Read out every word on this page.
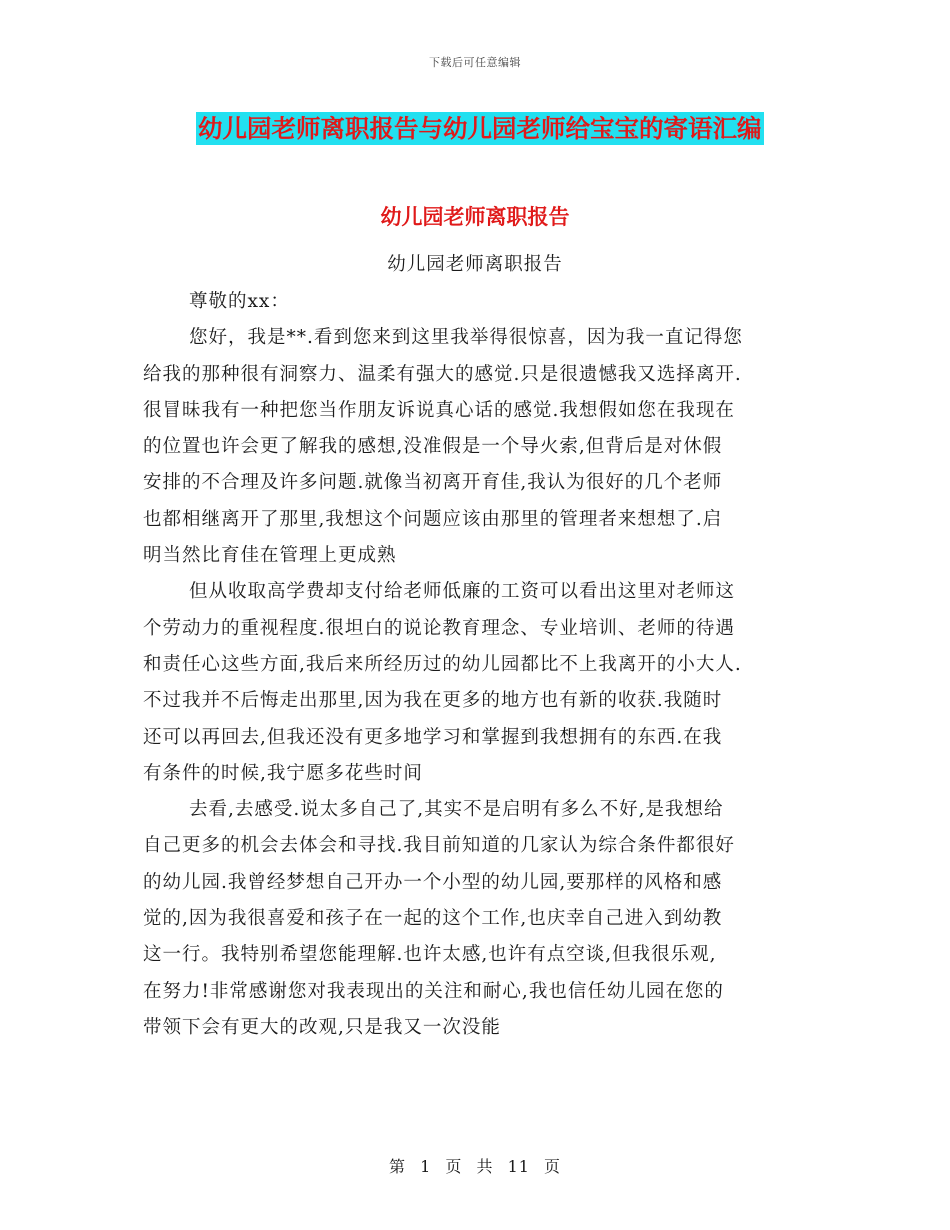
下载后可任意编辑
幼儿园老师离职报告与幼儿园老师给宝宝的寄语汇编
幼儿园老师离职报告
幼儿园老师离职报告
尊敬的xx：
您好，我是**.看到您来到这里我举得很惊喜，因为我一直记得您
给我的那种很有洞察力、温柔有强大的感觉.只是很遗憾我又选择离开.
很冒昧我有一种把您当作朋友诉说真心话的感觉.我想假如您在我现在
的位置也许会更了解我的感想,没准假是一个导火索,但背后是对休假
安排的不合理及许多问题.就像当初离开育佳,我认为很好的几个老师
也都相继离开了那里,我想这个问题应该由那里的管理者来想想了.启
明当然比育佳在管理上更成熟
但从收取高学费却支付给老师低廉的工资可以看出这里对老师这
个劳动力的重视程度.很坦白的说论教育理念、专业培训、老师的待遇
和责任心这些方面,我后来所经历过的幼儿园都比不上我离开的小大人.
不过我并不后悔走出那里,因为我在更多的地方也有新的收获.我随时
还可以再回去,但我还没有更多地学习和掌握到我想拥有的东西.在我
有条件的时候,我宁愿多花些时间
去看,去感受.说太多自己了,其实不是启明有多么不好,是我想给
自己更多的机会去体会和寻找.我目前知道的几家认为综合条件都很好
的幼儿园.我曾经梦想自己开办一个小型的幼儿园,要那样的风格和感
觉的,因为我很喜爱和孩子在一起的这个工作,也庆幸自己进入到幼教
这一行。我特别希望您能理解.也许太感,也许有点空谈,但我很乐观,
在努力!非常感谢您对我表现出的关注和耐心,我也信任幼儿园在您的
带领下会有更大的改观,只是我又一次没能
第 1 页 共 11 页
